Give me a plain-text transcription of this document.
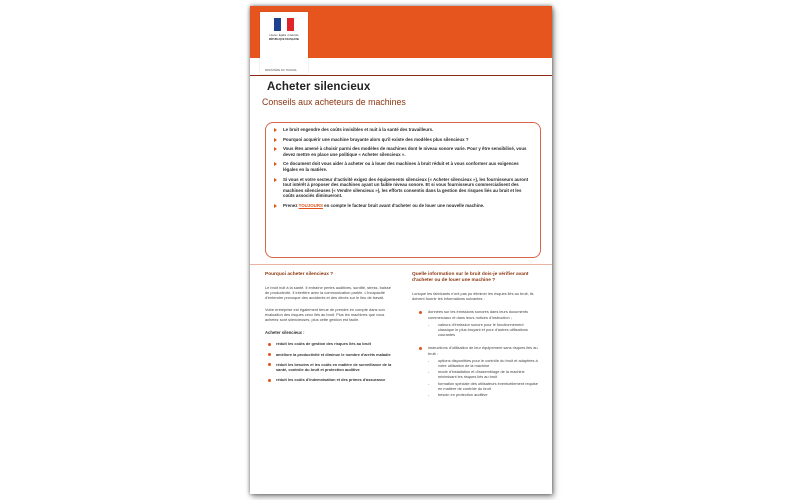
Liberté • Égalité • Fraternité
RÉPUBLIQUE FRANÇAISE
MINISTÈRE DU TRAVAIL
Acheter silencieux
Conseils aux acheteurs de machines
Le bruit engendre des coûts invisibles et nuit à la santé des travailleurs.
Pourquoi acquérir une machine bruyante alors qu'il existe des modèles plus silencieux ?
Vous êtes amené à choisir parmi des modèles de machines dont le niveau sonore varie. Pour y être sensibilisé, vous devez mettre en place une politique « Acheter silencieux ».
Ce document doit vous aider à acheter ou à louer des machines à bruit réduit et à vous conformer aux exigences légales en la matière.
Si vous et votre secteur d'activité exigez des équipements silencieux (« Acheter silencieux »), les fournisseurs auront tout intérêt à proposer des machines ayant un faible niveau sonore. Et si vous fournisseurs commercialisent des machines silencieuses (« Vendre silencieux »), les efforts consentis dans la gestion des risques liés au bruit et les coûts associés diminueront.
Prenez TOUJOURS en compte le facteur bruit avant d'acheter ou de louer une nouvelle machine.
Pourquoi acheter silencieux ?

Le bruit nuit à la santé. Il entraîne pertes auditives, surdité, stress, baisse de productivité. Il interfère avec la communication parlée. L'incapacité d'entendre provoque des accidents et des décès sur le lieu de travail.

Votre entreprise est également tenue de prendre en compte dans son évaluation des risques ceux liés au bruit. Plus les machines que vous achetez sont silencieuses, plus cette gestion est facile.

Acheter silencieux :
réduit les coûts de gestion des risques liés au bruit
améliore la productivité et diminue le nombre d'arrêts maladie
réduit les besoins et les coûts en matière de surveillance de la santé, contrôle du bruit et protection auditive
réduit les coûts d'indemnisation et des primes d'assurance
Quelle information sur le bruit dois-je vérifier avant d'acheter ou de louer une machine ?

Lorsque les fabricants n'ont pas pu éliminer les risques liés au bruit, ils doivent fournir les informations suivantes :

données sur les émissions sonores dans leurs documents commerciaux et dans leurs notices d'instruction ;
- valeurs d'émission sonore pour le fonctionnement classique le plus bruyant et pour d'autres utilisations courantes
instructions d'utilisation de leur équipement sans risques liés au bruit :
- options disponibles pour le contrôle du bruit et adaptées à votre utilisation de la machine
- mode d'installation et d'assemblage de la machine minimisant les risques liés au bruit
- formation spéciale des utilisateurs éventuellement requise en matière de contrôle du bruit
- besoin en protection auditive
